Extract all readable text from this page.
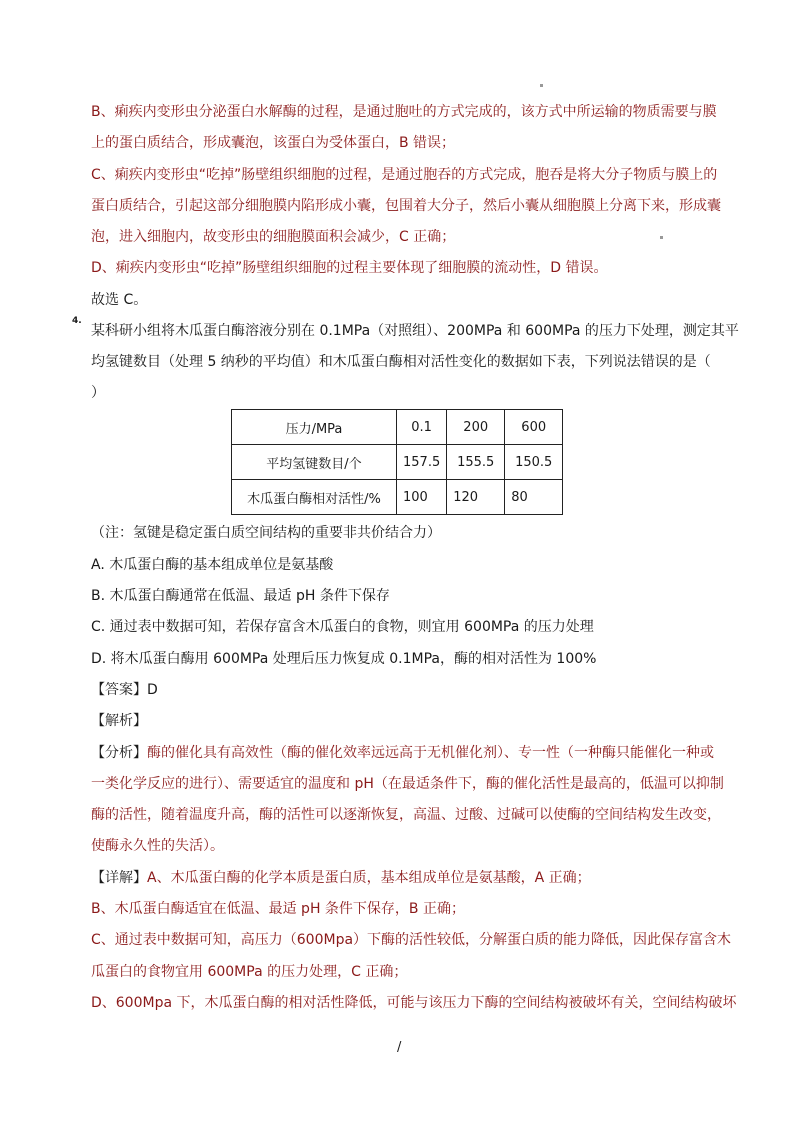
B、痢疾内变形虫分泌蛋白水解酶的过程，是通过胞吐的方式完成的，该方式中所运输的物质需要与膜
上的蛋白质结合，形成囊泡，该蛋白为受体蛋白，B 错误；
C、痢疾内变形虫“吃掉”肠壁组织细胞的过程，是通过胞吞的方式完成，胞吞是将大分子物质与膜上的
蛋白质结合，引起这部分细胞膜内陷形成小囊，包围着大分子，然后小囊从细胞膜上分离下来，形成囊
泡，进入细胞内，故变形虫的细胞膜面积会减少，C 正确；
D、痢疾内变形虫“吃掉”肠壁组织细胞的过程主要体现了细胞膜的流动性，D 错误。
故选 C。
4.
某科研小组将木瓜蛋白酶溶液分别在 0.1MPa（对照组）、200MPa 和 600MPa 的压力下处理，测定其平
均氢键数目（处理 5 纳秒的平均值）和木瓜蛋白酶相对活性变化的数据如下表，下列说法错误的是（
）
压力/MPa	0.1	200	600
平均氢键数目/个	157.5	155.5	150.5
木瓜蛋白酶相对活性/%	100	120	80
（注：氢键是稳定蛋白质空间结构的重要非共价结合力）
A. 木瓜蛋白酶的基本组成单位是氨基酸
B. 木瓜蛋白酶通常在低温、最适 pH 条件下保存
C. 通过表中数据可知，若保存富含木瓜蛋白的食物，则宜用 600MPa 的压力处理
D. 将木瓜蛋白酶用 600MPa 处理后压力恢复成 0.1MPa，酶的相对活性为 100%
【答案】D
【解析】
【分析】酶的催化具有高效性（酶的催化效率远远高于无机催化剂）、专一性（一种酶只能催化一种或
一类化学反应的进行）、需要适宜的温度和 pH（在最适条件下，酶的催化活性是最高的，低温可以抑制
酶的活性，随着温度升高，酶的活性可以逐渐恢复，高温、过酸、过碱可以使酶的空间结构发生改变，
使酶永久性的失活）。
【详解】A、木瓜蛋白酶的化学本质是蛋白质，基本组成单位是氨基酸，A 正确；
B、木瓜蛋白酶适宜在低温、最适 pH 条件下保存，B 正确；
C、通过表中数据可知，高压力（600Mpa）下酶的活性较低，分解蛋白质的能力降低，因此保存富含木
瓜蛋白的食物宜用 600MPa 的压力处理，C 正确；
D、600Mpa 下，木瓜蛋白酶的相对活性降低，可能与该压力下酶的空间结构被破坏有关，空间结构破坏
/
